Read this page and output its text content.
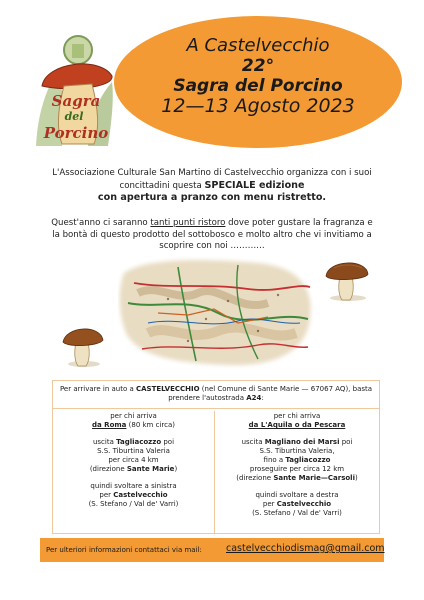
Sagra
del
Porcino
A Castelvecchio
22°
Sagra del Porcino
12—13 Agosto 2023
L'Associazione Culturale San Martino di Castelvecchio organizza con i suoi concittadini questa SPECIALE edizione
con apertura a pranzo con menu ristretto.
Quest'anno ci saranno tanti punti ristoro dove poter gustare la fragranza e la bontà di questo prodotto del sottobosco e molto altro che vi invitiamo a scoprire con noi …………
Per arrivare in auto a CASTELVECCHIO (nel Comune di Sante Marie — 67067 AQ), basta prendere l'autostrada A24:

per chi arriva
da Roma (80 km circa)

uscita Tagliacozzo poi
S.S. Tiburtina Valeria
per circa 4 km
(direzione Sante Marie)

quindi svoltare a sinistra
per Castelvecchio
(S. Stefano / Val de' Varri)

per chi arriva
da L'Aquila o da Pescara

uscita Magliano dei Marsi poi
S.S. Tiburtina Valeria,
fino a Tagliacozzo
proseguire per circa 12 km
(direzione Sante Marie—Carsoli)

quindi svoltare a destra
per Castelvecchio
(S. Stefano / Val de' Varri)

Per ulteriori informazioni contattaci via mail:	castelvecchiodismag@gmail.com
